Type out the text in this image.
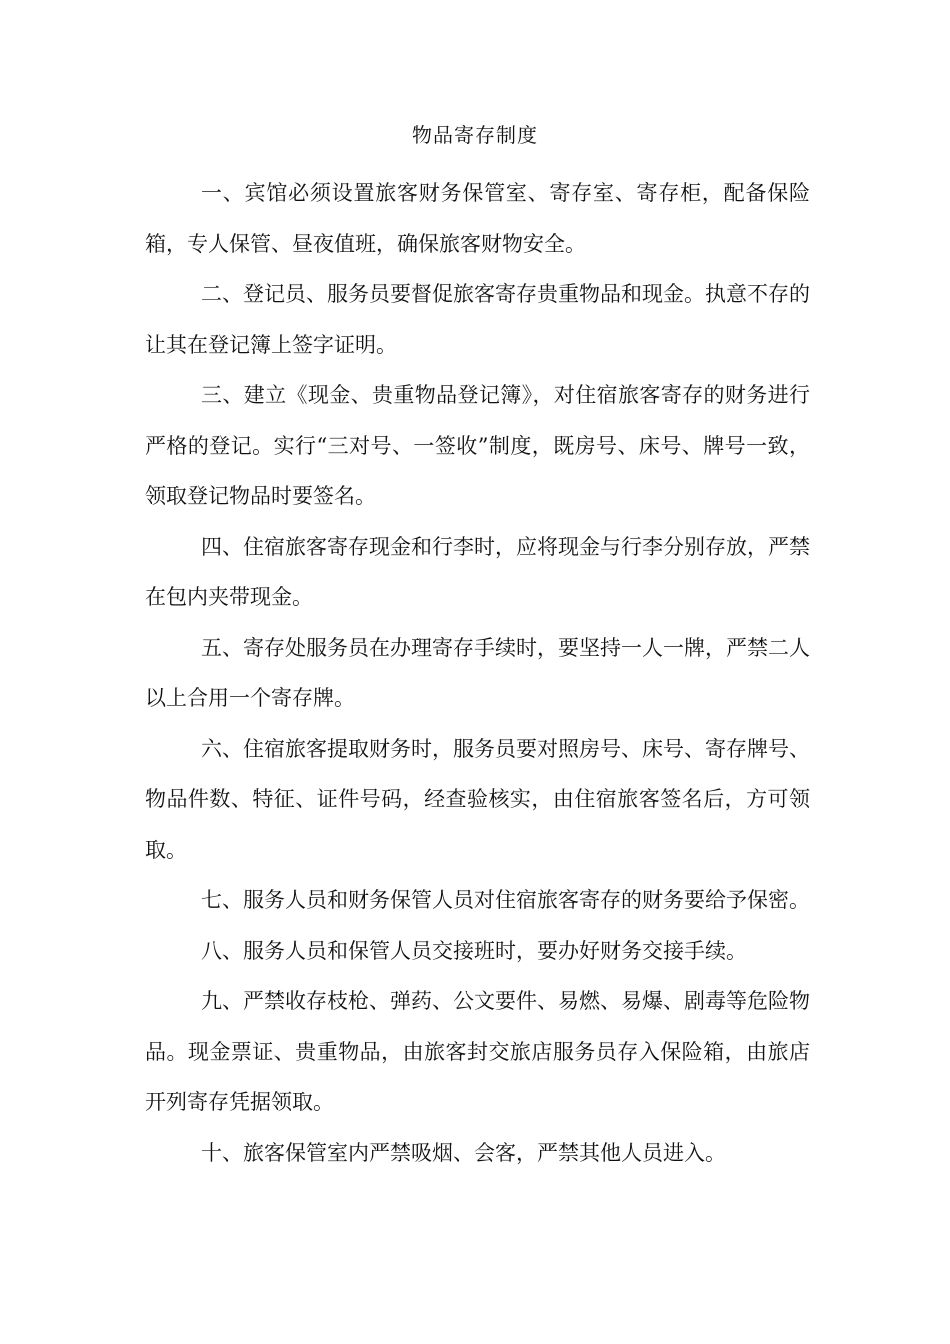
物品寄存制度

一、宾馆必须设置旅客财务保管室、寄存室、寄存柜，配备保险箱，专人保管、昼夜值班，确保旅客财物安全。

二、登记员、服务员要督促旅客寄存贵重物品和现金。执意不存的让其在登记簿上签字证明。

三、建立《现金、贵重物品登记簿》，对住宿旅客寄存的财务进行严格的登记。实行“三对号、一签收”制度，既房号、床号、牌号一致，领取登记物品时要签名。

四、住宿旅客寄存现金和行李时，应将现金与行李分别存放，严禁在包内夹带现金。

五、寄存处服务员在办理寄存手续时，要坚持一人一牌，严禁二人以上合用一个寄存牌。

六、住宿旅客提取财务时，服务员要对照房号、床号、寄存牌号、物品件数、特征、证件号码，经查验核实，由住宿旅客签名后，方可领取。

七、服务人员和财务保管人员对住宿旅客寄存的财务要给予保密。

八、服务人员和保管人员交接班时，要办好财务交接手续。

九、严禁收存枝枪、弹药、公文要件、易燃、易爆、剧毒等危险物品。现金票证、贵重物品，由旅客封交旅店服务员存入保险箱，由旅店开列寄存凭据领取。

十、旅客保管室内严禁吸烟、会客，严禁其他人员进入。
